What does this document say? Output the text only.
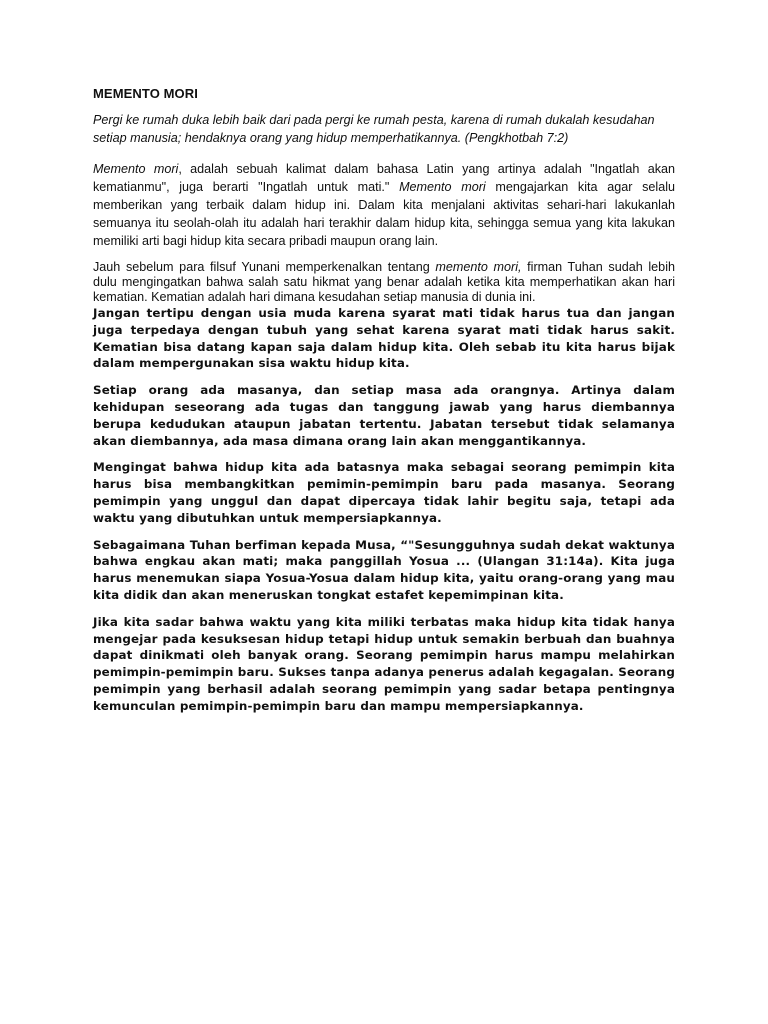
MEMENTO MORI
Pergi ke rumah duka lebih baik dari pada pergi ke rumah pesta, karena di rumah dukalah kesudahan setiap manusia; hendaknya orang yang hidup memperhatikannya. (Pengkhotbah 7:2)

Memento mori, adalah sebuah kalimat dalam bahasa Latin yang artinya adalah "Ingatlah akan kematianmu", juga berarti "Ingatlah untuk mati." Memento mori mengajarkan kita agar selalu memberikan yang terbaik dalam hidup ini. Dalam kita menjalani aktivitas sehari-hari lakukanlah semuanya itu seolah-olah itu adalah hari terakhir dalam hidup kita, sehingga semua yang kita lakukan memiliki arti bagi hidup kita secara pribadi maupun orang lain.

Jauh sebelum para filsuf Yunani memperkenalkan tentang memento mori, firman Tuhan sudah lebih dulu mengingatkan bahwa salah satu hikmat yang benar adalah ketika kita memperhatikan akan hari kematian. Kematian adalah hari dimana kesudahan setiap manusia di dunia ini.

Jangan tertipu dengan usia muda karena syarat mati tidak harus tua dan jangan juga terpedaya dengan tubuh yang sehat karena syarat mati tidak harus sakit. Kematian bisa datang kapan saja dalam hidup kita. Oleh sebab itu kita harus bijak dalam mempergunakan sisa waktu hidup kita.

Setiap orang ada masanya, dan setiap masa ada orangnya. Artinya dalam kehidupan seseorang ada tugas dan tanggung jawab yang harus diembannya berupa kedudukan ataupun jabatan tertentu. Jabatan tersebut tidak selamanya akan diembannya, ada masa dimana orang lain akan menggantikannya.

Mengingat bahwa hidup kita ada batasnya maka sebagai seorang pemimpin kita harus bisa membangkitkan pemimin-pemimpin baru pada masanya. Seorang pemimpin yang unggul dan dapat dipercaya tidak lahir begitu saja, tetapi ada waktu yang dibutuhkan untuk mempersiapkannya.

Sebagaimana Tuhan berfiman kepada Musa, “"Sesungguhnya sudah dekat waktunya bahwa engkau akan mati; maka panggillah Yosua ... (Ulangan 31:14a). Kita juga harus menemukan siapa Yosua-Yosua dalam hidup kita, yaitu orang-orang yang mau kita didik dan akan meneruskan tongkat estafet kepemimpinan kita.

Jika kita sadar bahwa waktu yang kita miliki terbatas maka hidup kita tidak hanya mengejar pada kesuksesan hidup tetapi hidup untuk semakin berbuah dan buahnya dapat dinikmati oleh banyak orang. Seorang pemimpin harus mampu melahirkan pemimpin-pemimpin baru. Sukses tanpa adanya penerus adalah kegagalan. Seorang pemimpin yang berhasil adalah seorang pemimpin yang sadar betapa pentingnya kemunculan pemimpin-pemimpin baru dan mampu mempersiapkannya.
